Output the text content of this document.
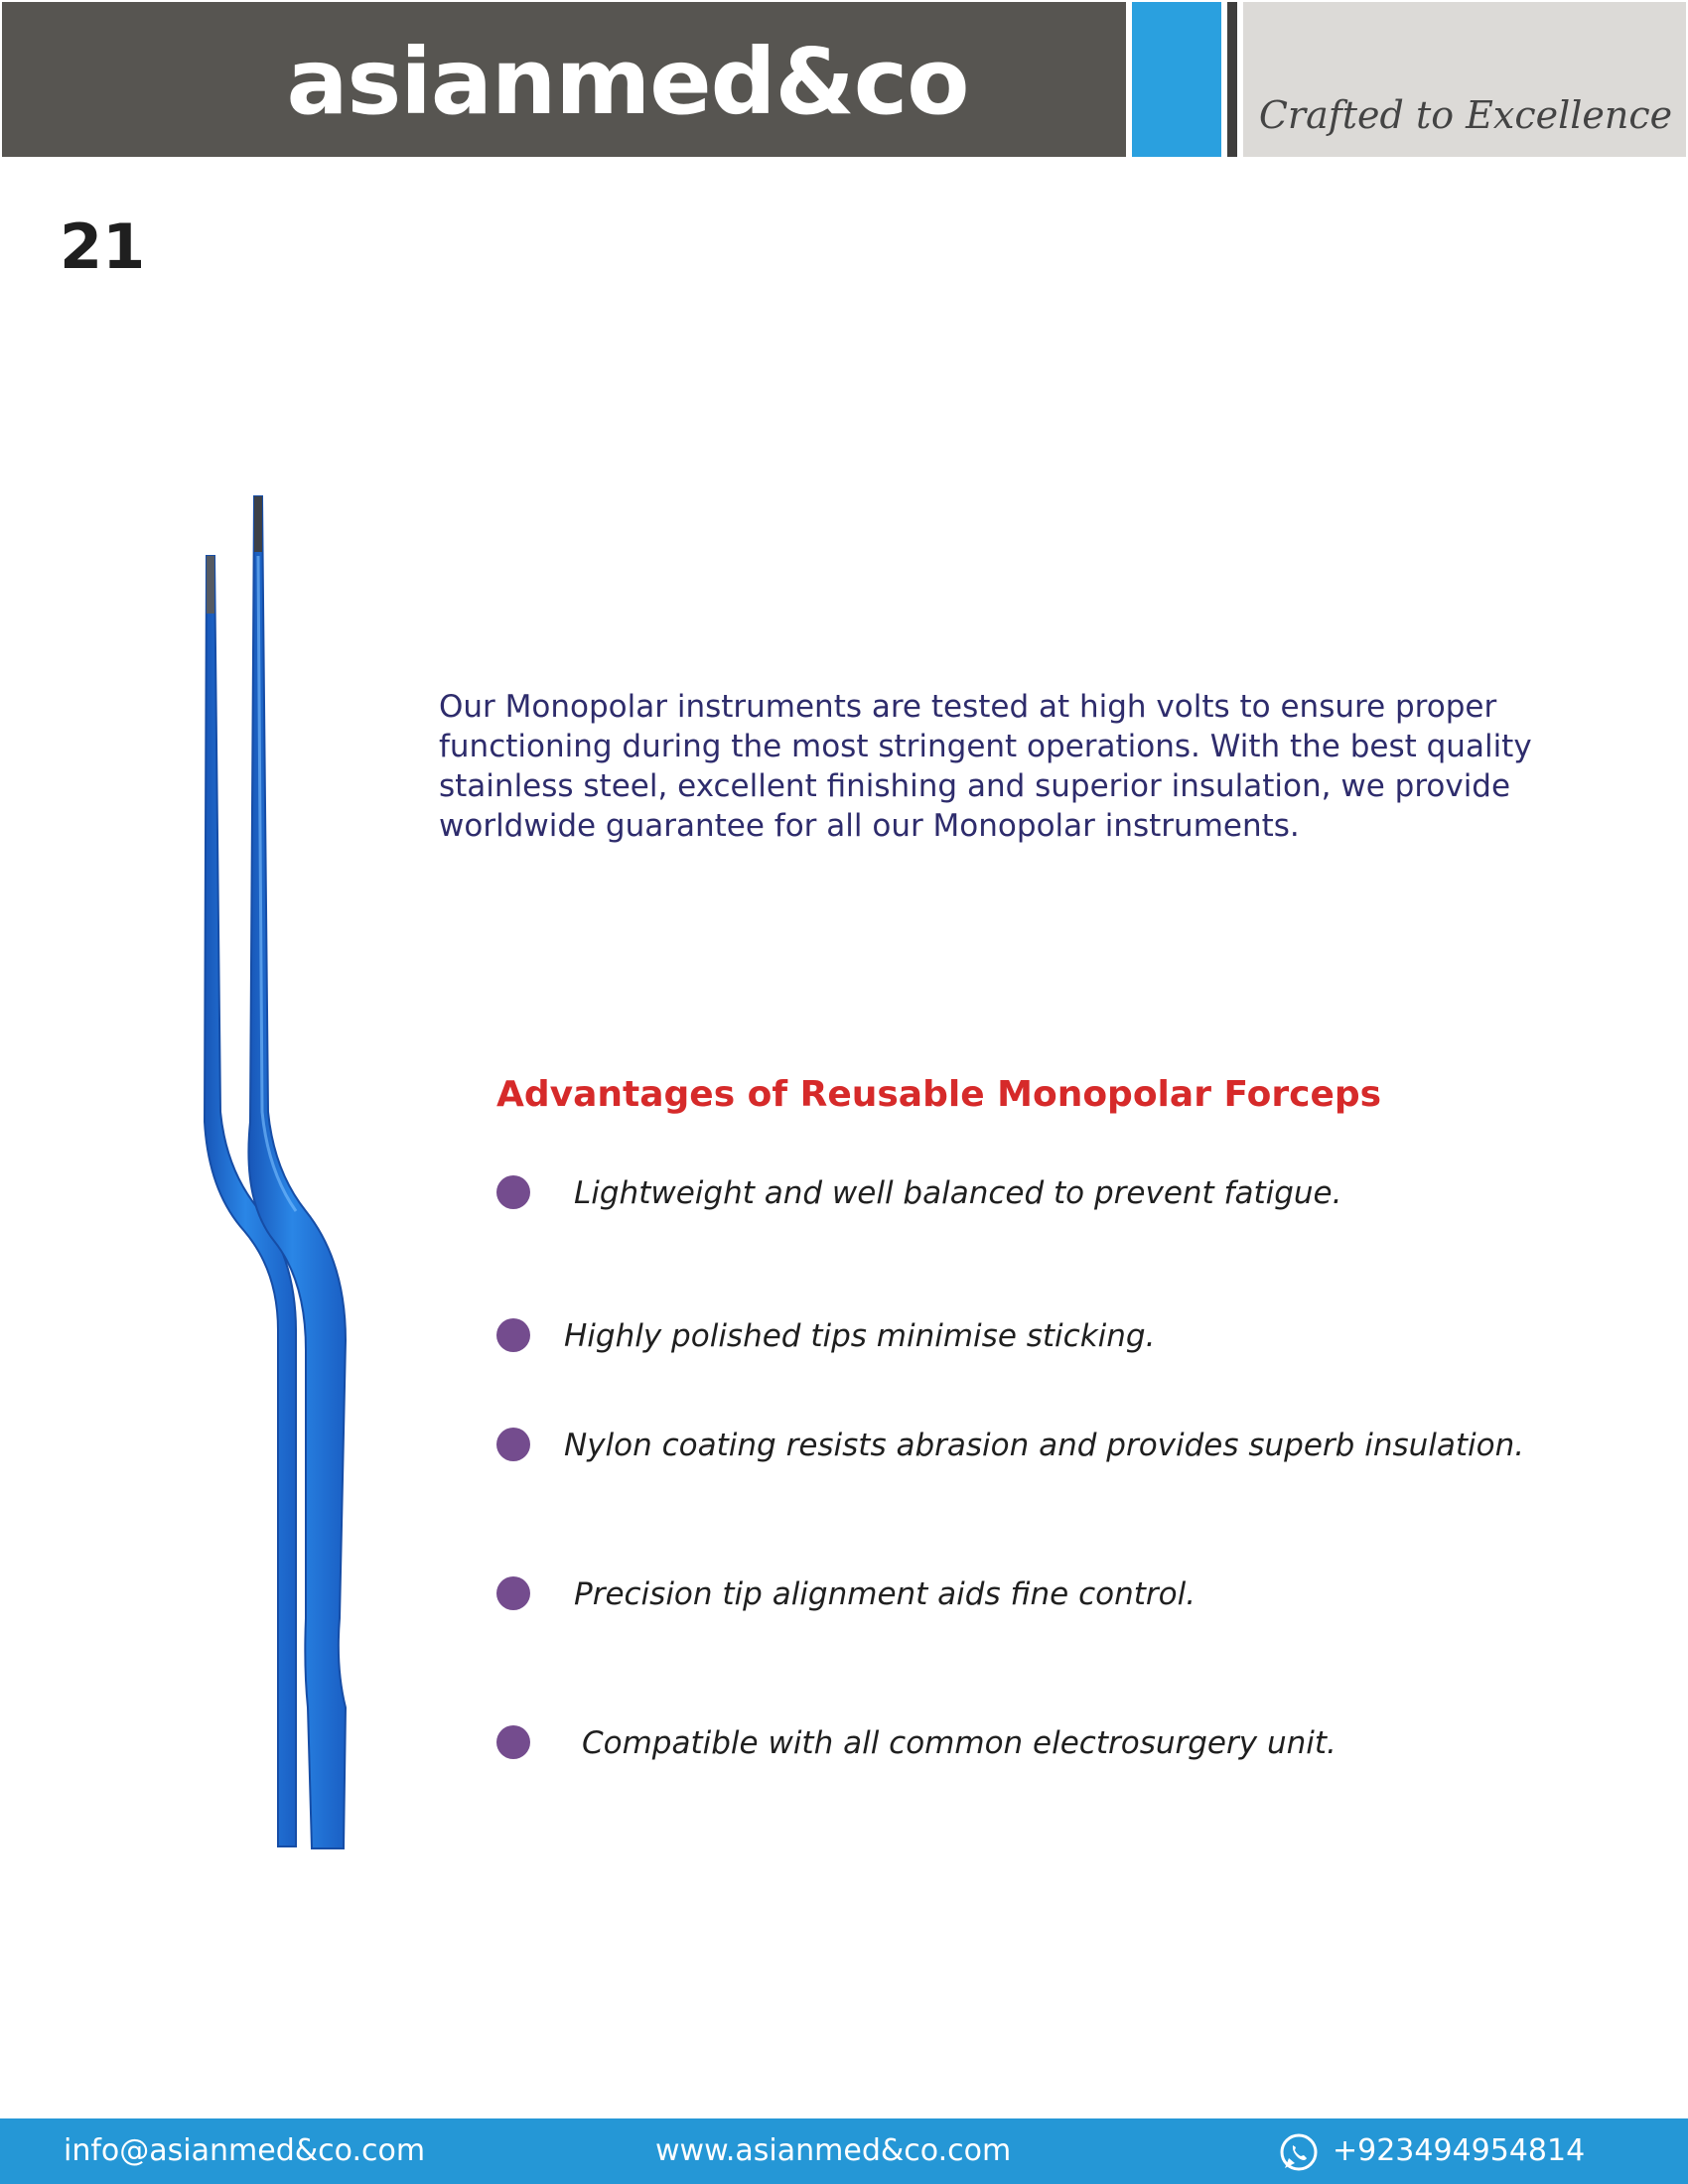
asianmed&co	Crafted to Excellence
21

Our Monopolar instruments are tested at high volts to ensure proper functioning during the most stringent operations. With the best quality stainless steel, excellent finishing and superior insulation, we provide worldwide guarantee for all our Monopolar instruments.

Advantages of Reusable Monopolar Forceps
Lightweight and well balanced to prevent fatigue.
Highly polished tips minimise sticking.
Nylon coating resists abrasion and provides superb insulation.
Precision tip alignment aids fine control.
Compatible with all common electrosurgery unit.
info@asianmed&co.com	www.asianmed&co.com	+923494954814
